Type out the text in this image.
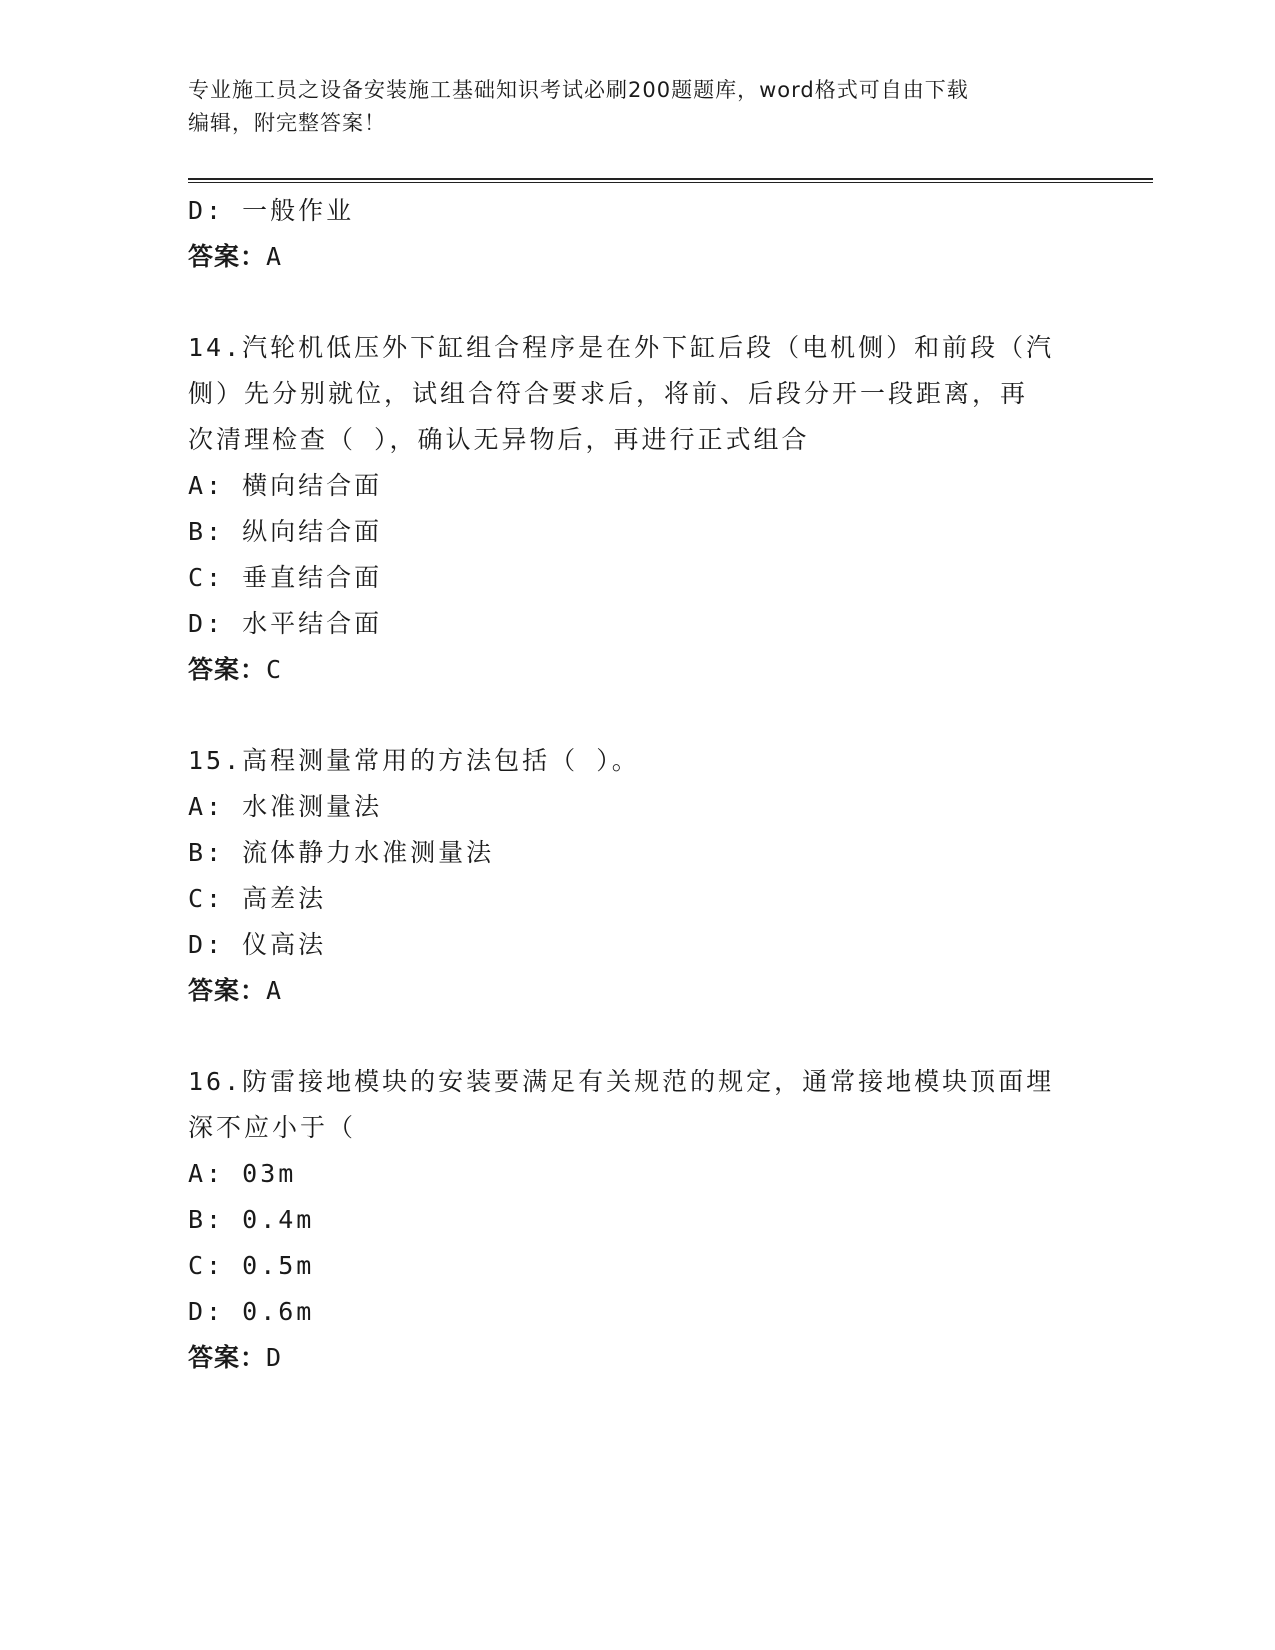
专业施工员之设备安装施工基础知识考试必刷200题题库，word格式可自由下载
编辑，附完整答案！
D: 一般作业
答案：A
14.汽轮机低压外下缸组合程序是在外下缸后段（电机侧）和前段（汽
侧）先分别就位，试组合符合要求后，将前、后段分开一段距离，再
次清理检查（ ），确认无异物后，再进行正式组合
A: 横向结合面
B: 纵向结合面
C: 垂直结合面
D: 水平结合面
答案：C
15.高程测量常用的方法包括（ ）。
A: 水准测量法
B: 流体静力水准测量法
C: 高差法
D: 仪高法
答案：A
16.防雷接地模块的安装要满足有关规范的规定，通常接地模块顶面埋
深不应小于（
A: 03m
B: 0.4m
C: 0.5m
D: 0.6m
答案：D
